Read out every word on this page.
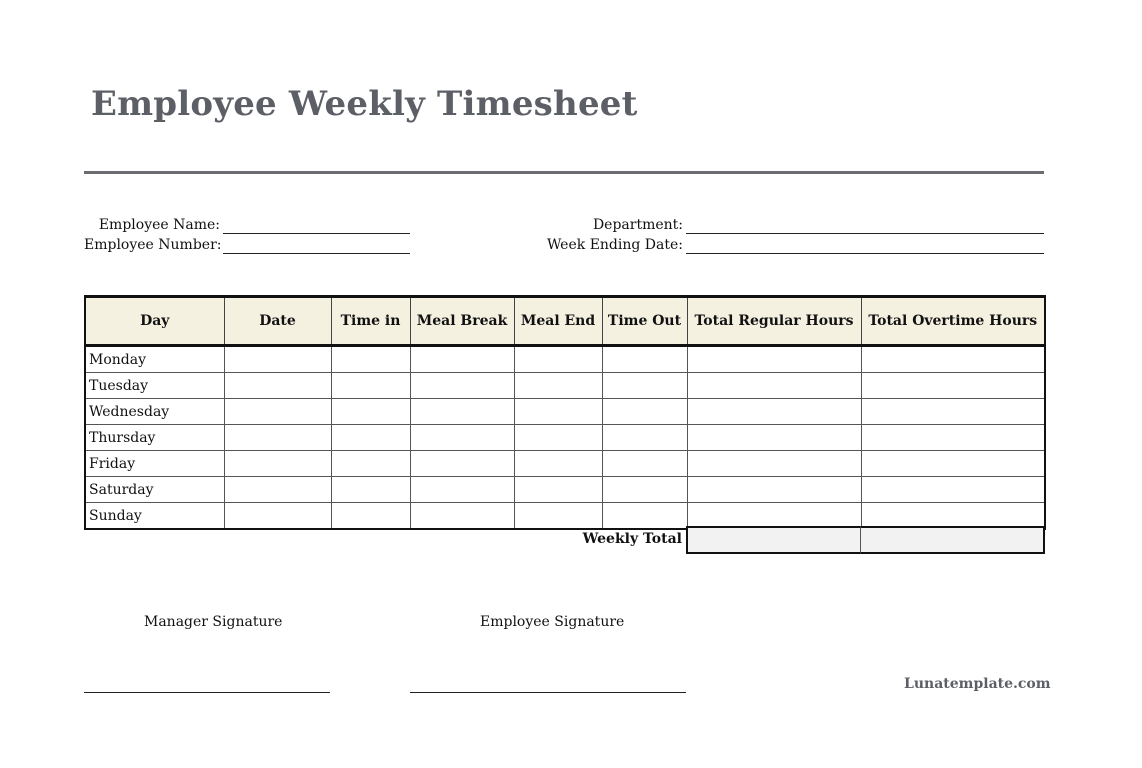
Employee Weekly Timesheet
Employee Name:
Employee Number:
Department:
Week Ending Date:
Day	Date	Time in	Meal Break	Meal End	Time Out	Total Regular Hours	Total Overtime Hours
Monday							
Tuesday							
Wednesday							
Thursday							
Friday							
Saturday							
Sunday							
Weekly Total
Manager Signature	Employee Signature
Lunatemplate.com
